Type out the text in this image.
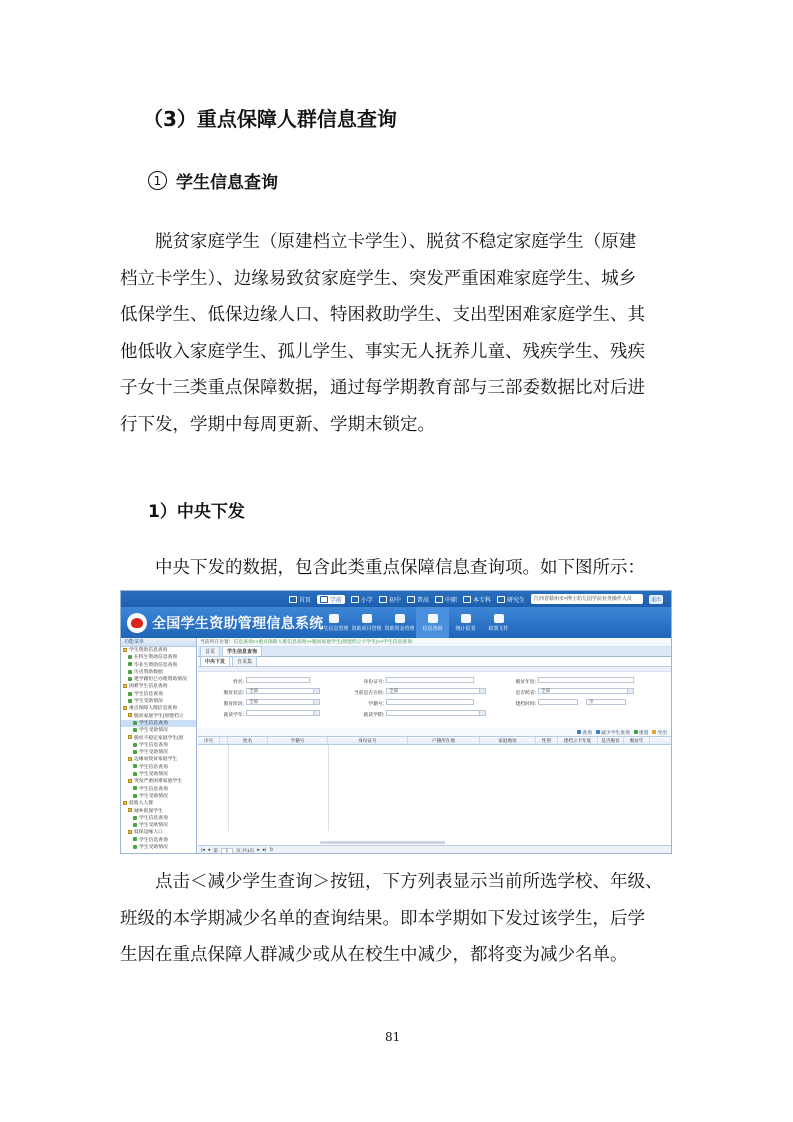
（3）重点保障人群信息查询
1 学生信息查询
脱贫家庭学生（原建档立卡学生）、脱贫不稳定家庭学生（原建
档立卡学生）、边缘易致贫家庭学生、突发严重困难家庭学生、城乡
低保学生、低保边缘人口、特困救助学生、支出型困难家庭学生、其
他低收入家庭学生、孤儿学生、事实无人抚养儿童、残疾学生、残疾
子女十三类重点保障数据，通过每学期教育部与三部委数据比对后进
行下发，学期中每周更新、学期末锁定。
1）中央下发
中央下发的数据，包含此类重点保障信息查询项。如下图所示：
首页	学前	小学	初中	普高	中职	本专科	研究生	江西省赣州市×博士幼儿园学前业务操作人员	退出
全国学生资助管理信息系统
学生信息管理 资助项目管理 资助资金管理 信息查询	统计报表	政策文件
功能菜单
学生资助信息查询
在校生资助信息查询
毕业生资助信息查询
历史资助数据
建学籍但已办理资助情况
困难学生信息查询
学生信息查询
学生受助情况
重点保障人群信息查询
脱贫家庭学生(原建档立
学生信息查询
学生受助情况
脱贫不稳定家庭学生(原
学生信息查询
学生受助情况
边缘易致贫家庭学生
学生信息查询
学生受助情况
突发严重困难家庭学生
学生信息查询
学生受助情况
低收入人群
城乡低保学生
学生信息查询
学生受助情况
低保边缘人口
学生信息查询
学生受助情况
当前所在位置：信息查询>>重点保障人群信息查询>>脱贫家庭学生(原建档立卡学生)>>学生信息查询
首页	学生信息查询
中央下发	自采集
姓名:	身份证号:	脱贫年度:
脱贫状态:
全部
当前是否在校:
全部
是否跨省:
全部
教育阶段:
全部
学籍号:	建档时间:
至
就读学年:	就读学期:
查询 减少学生查询 重置 导出
序号	姓名	学籍号	身份证号	户籍所在地	家庭地址	性别	建档立卡年度	是否脱贫	脱贫年
|◂ ◂ 第	1	页,共1页 ▸ ▸| ↻
点击＜减少学生查询＞按钮，下方列表显示当前所选学校、年级、
班级的本学期减少名单的查询结果。即本学期如下发过该学生，后学
生因在重点保障人群减少或从在校生中减少，都将变为减少名单。
81
